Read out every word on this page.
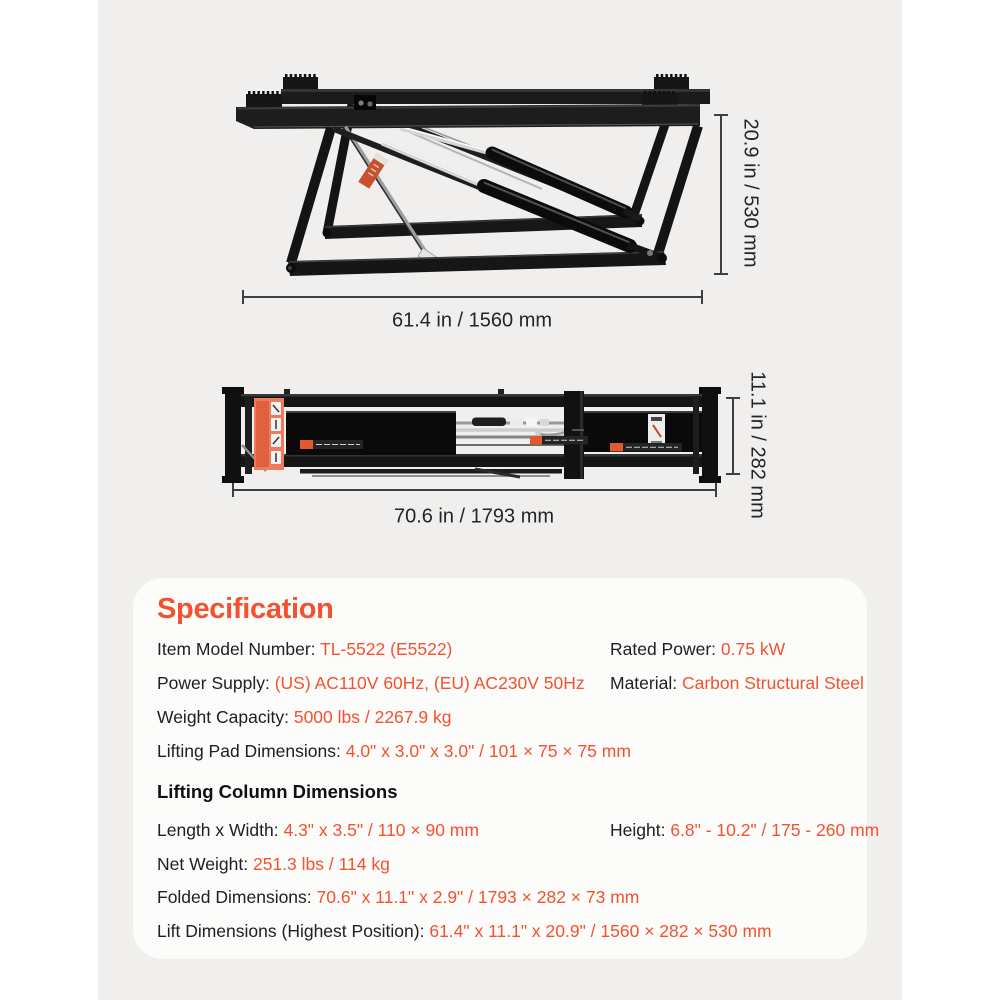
20.9 in / 530 mm
61.4 in / 1560 mm
11.1 in / 282 mm
70.6 in / 1793 mm
Specification
Item Model Number: TL-5522 (E5522)	Rated Power: 0.75 kW
Power Supply: (US) AC110V 60Hz, (EU) AC230V 50Hz Material: Carbon Structural Steel
Weight Capacity: 5000 lbs / 2267.9 kg
Lifting Pad Dimensions: 4.0" x 3.0" x 3.0" / 101 × 75 × 75 mm
Lifting Column Dimensions
Length x Width: 4.3" x 3.5" / 110 × 90 mm	Height: 6.8" - 10.2" / 175 - 260 mm
Net Weight: 251.3 lbs / 114 kg
Folded Dimensions: 70.6" x 11.1" x 2.9" / 1793 × 282 × 73 mm
Lift Dimensions (Highest Position): 61.4" x 11.1" x 20.9" / 1560 × 282 × 530 mm
